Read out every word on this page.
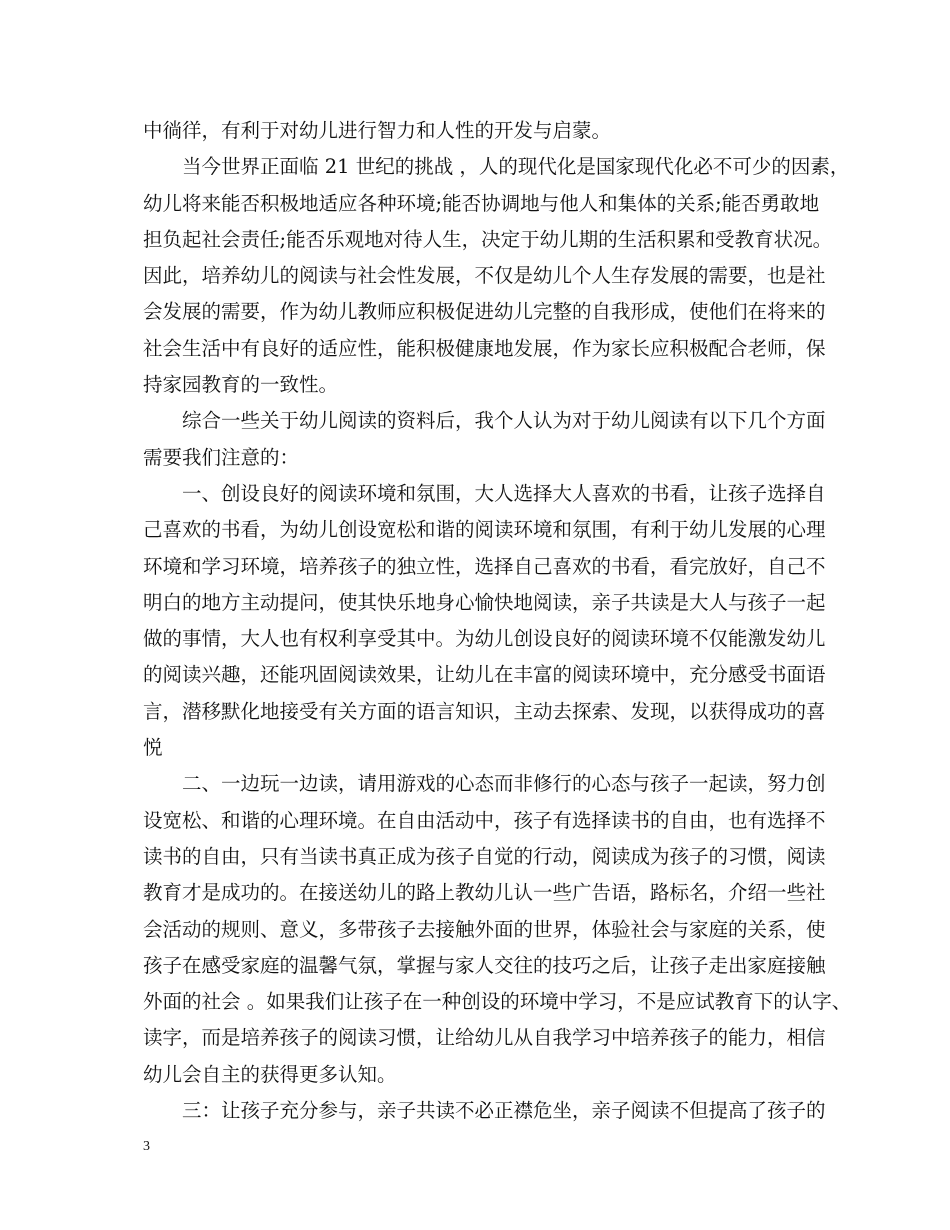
中徜徉，有利于对幼儿进行智力和人性的开发与启蒙。
　　当今世界正面临 21 世纪的挑战 ，人的现代化是国家现代化必不可少的因素，
幼儿将来能否积极地适应各种环境;能否协调地与他人和集体的关系;能否勇敢地
担负起社会责任;能否乐观地对待人生，决定于幼儿期的生活积累和受教育状况。
因此，培养幼儿的阅读与社会性发展，不仅是幼儿个人生存发展的需要，也是社
会发展的需要，作为幼儿教师应积极促进幼儿完整的自我形成，使他们在将来的
社会生活中有良好的适应性，能积极健康地发展，作为家长应积极配合老师，保
持家园教育的一致性。
　　综合一些关于幼儿阅读的资料后，我个人认为对于幼儿阅读有以下几个方面
需要我们注意的：
　　一、创设良好的阅读环境和氛围，大人选择大人喜欢的书看，让孩子选择自
己喜欢的书看，为幼儿创设宽松和谐的阅读环境和氛围，有利于幼儿发展的心理
环境和学习环境，培养孩子的独立性，选择自己喜欢的书看，看完放好，自己不
明白的地方主动提问，使其快乐地身心愉快地阅读，亲子共读是大人与孩子一起
做的事情，大人也有权利享受其中。为幼儿创设良好的阅读环境不仅能激发幼儿
的阅读兴趣，还能巩固阅读效果，让幼儿在丰富的阅读环境中，充分感受书面语
言，潜移默化地接受有关方面的语言知识，主动去探索、发现，以获得成功的喜
悦
　　二、一边玩一边读，请用游戏的心态而非修行的心态与孩子一起读，努力创
设宽松、和谐的心理环境。在自由活动中，孩子有选择读书的自由，也有选择不
读书的自由，只有当读书真正成为孩子自觉的行动，阅读成为孩子的习惯，阅读
教育才是成功的。在接送幼儿的路上教幼儿认一些广告语，路标名，介绍一些社
会活动的规则、意义，多带孩子去接触外面的世界，体验社会与家庭的关系，使
孩子在感受家庭的温馨气氛，掌握与家人交往的技巧之后，让孩子走出家庭接触
外面的社会 。如果我们让孩子在一种创设的环境中学习，不是应试教育下的认字、
读字，而是培养孩子的阅读习惯，让给幼儿从自我学习中培养孩子的能力，相信
幼儿会自主的获得更多认知。
　　三：让孩子充分参与，亲子共读不必正襟危坐，亲子阅读不但提高了孩子的
3
